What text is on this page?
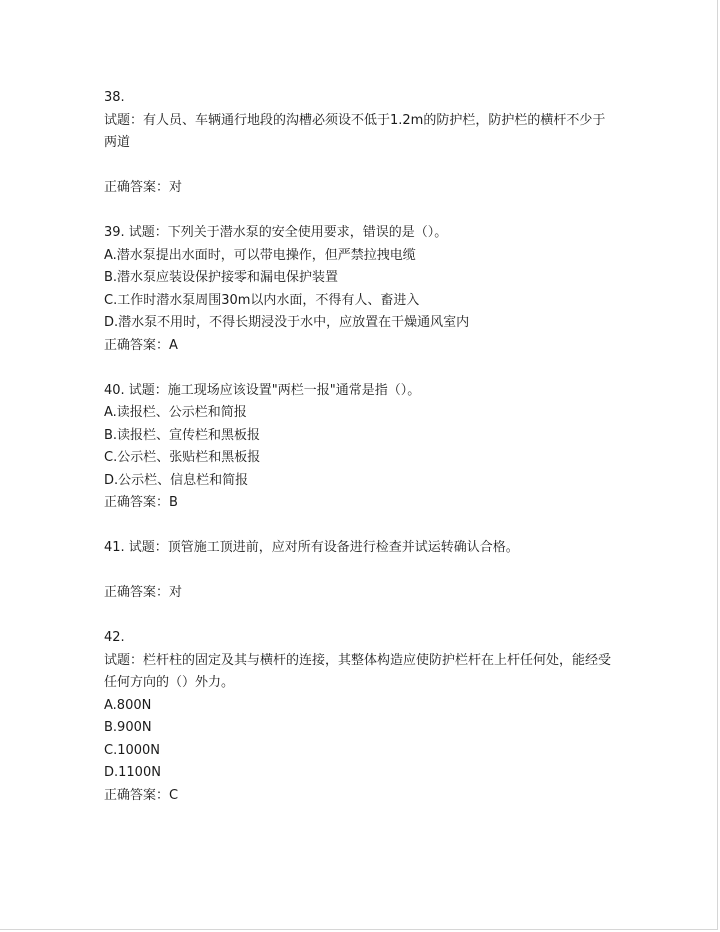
38.
试题：有人员、车辆通行地段的沟槽必须设不低于1.2m的防护栏，防护栏的横杆不少于
两道
正确答案：对
39. 试题：下列关于潜水泵的安全使用要求，错误的是（）。
A.潜水泵提出水面时，可以带电操作，但严禁拉拽电缆
B.潜水泵应装设保护接零和漏电保护装置
C.工作时潜水泵周围30m以内水面，不得有人、畜进入
D.潜水泵不用时，不得长期浸没于水中，应放置在干燥通风室内
正确答案：A
40. 试题：施工现场应该设置"两栏一报"通常是指（）。
A.读报栏、公示栏和简报
B.读报栏、宣传栏和黑板报
C.公示栏、张贴栏和黑板报
D.公示栏、信息栏和简报
正确答案：B
41. 试题：顶管施工顶进前，应对所有设备进行检查并试运转确认合格。
正确答案：对
42.
试题：栏杆柱的固定及其与横杆的连接，其整体构造应使防护栏杆在上杆任何处，能经受
任何方向的（）外力。
A.800N
B.900N
C.1000N
D.1100N
正确答案：C
